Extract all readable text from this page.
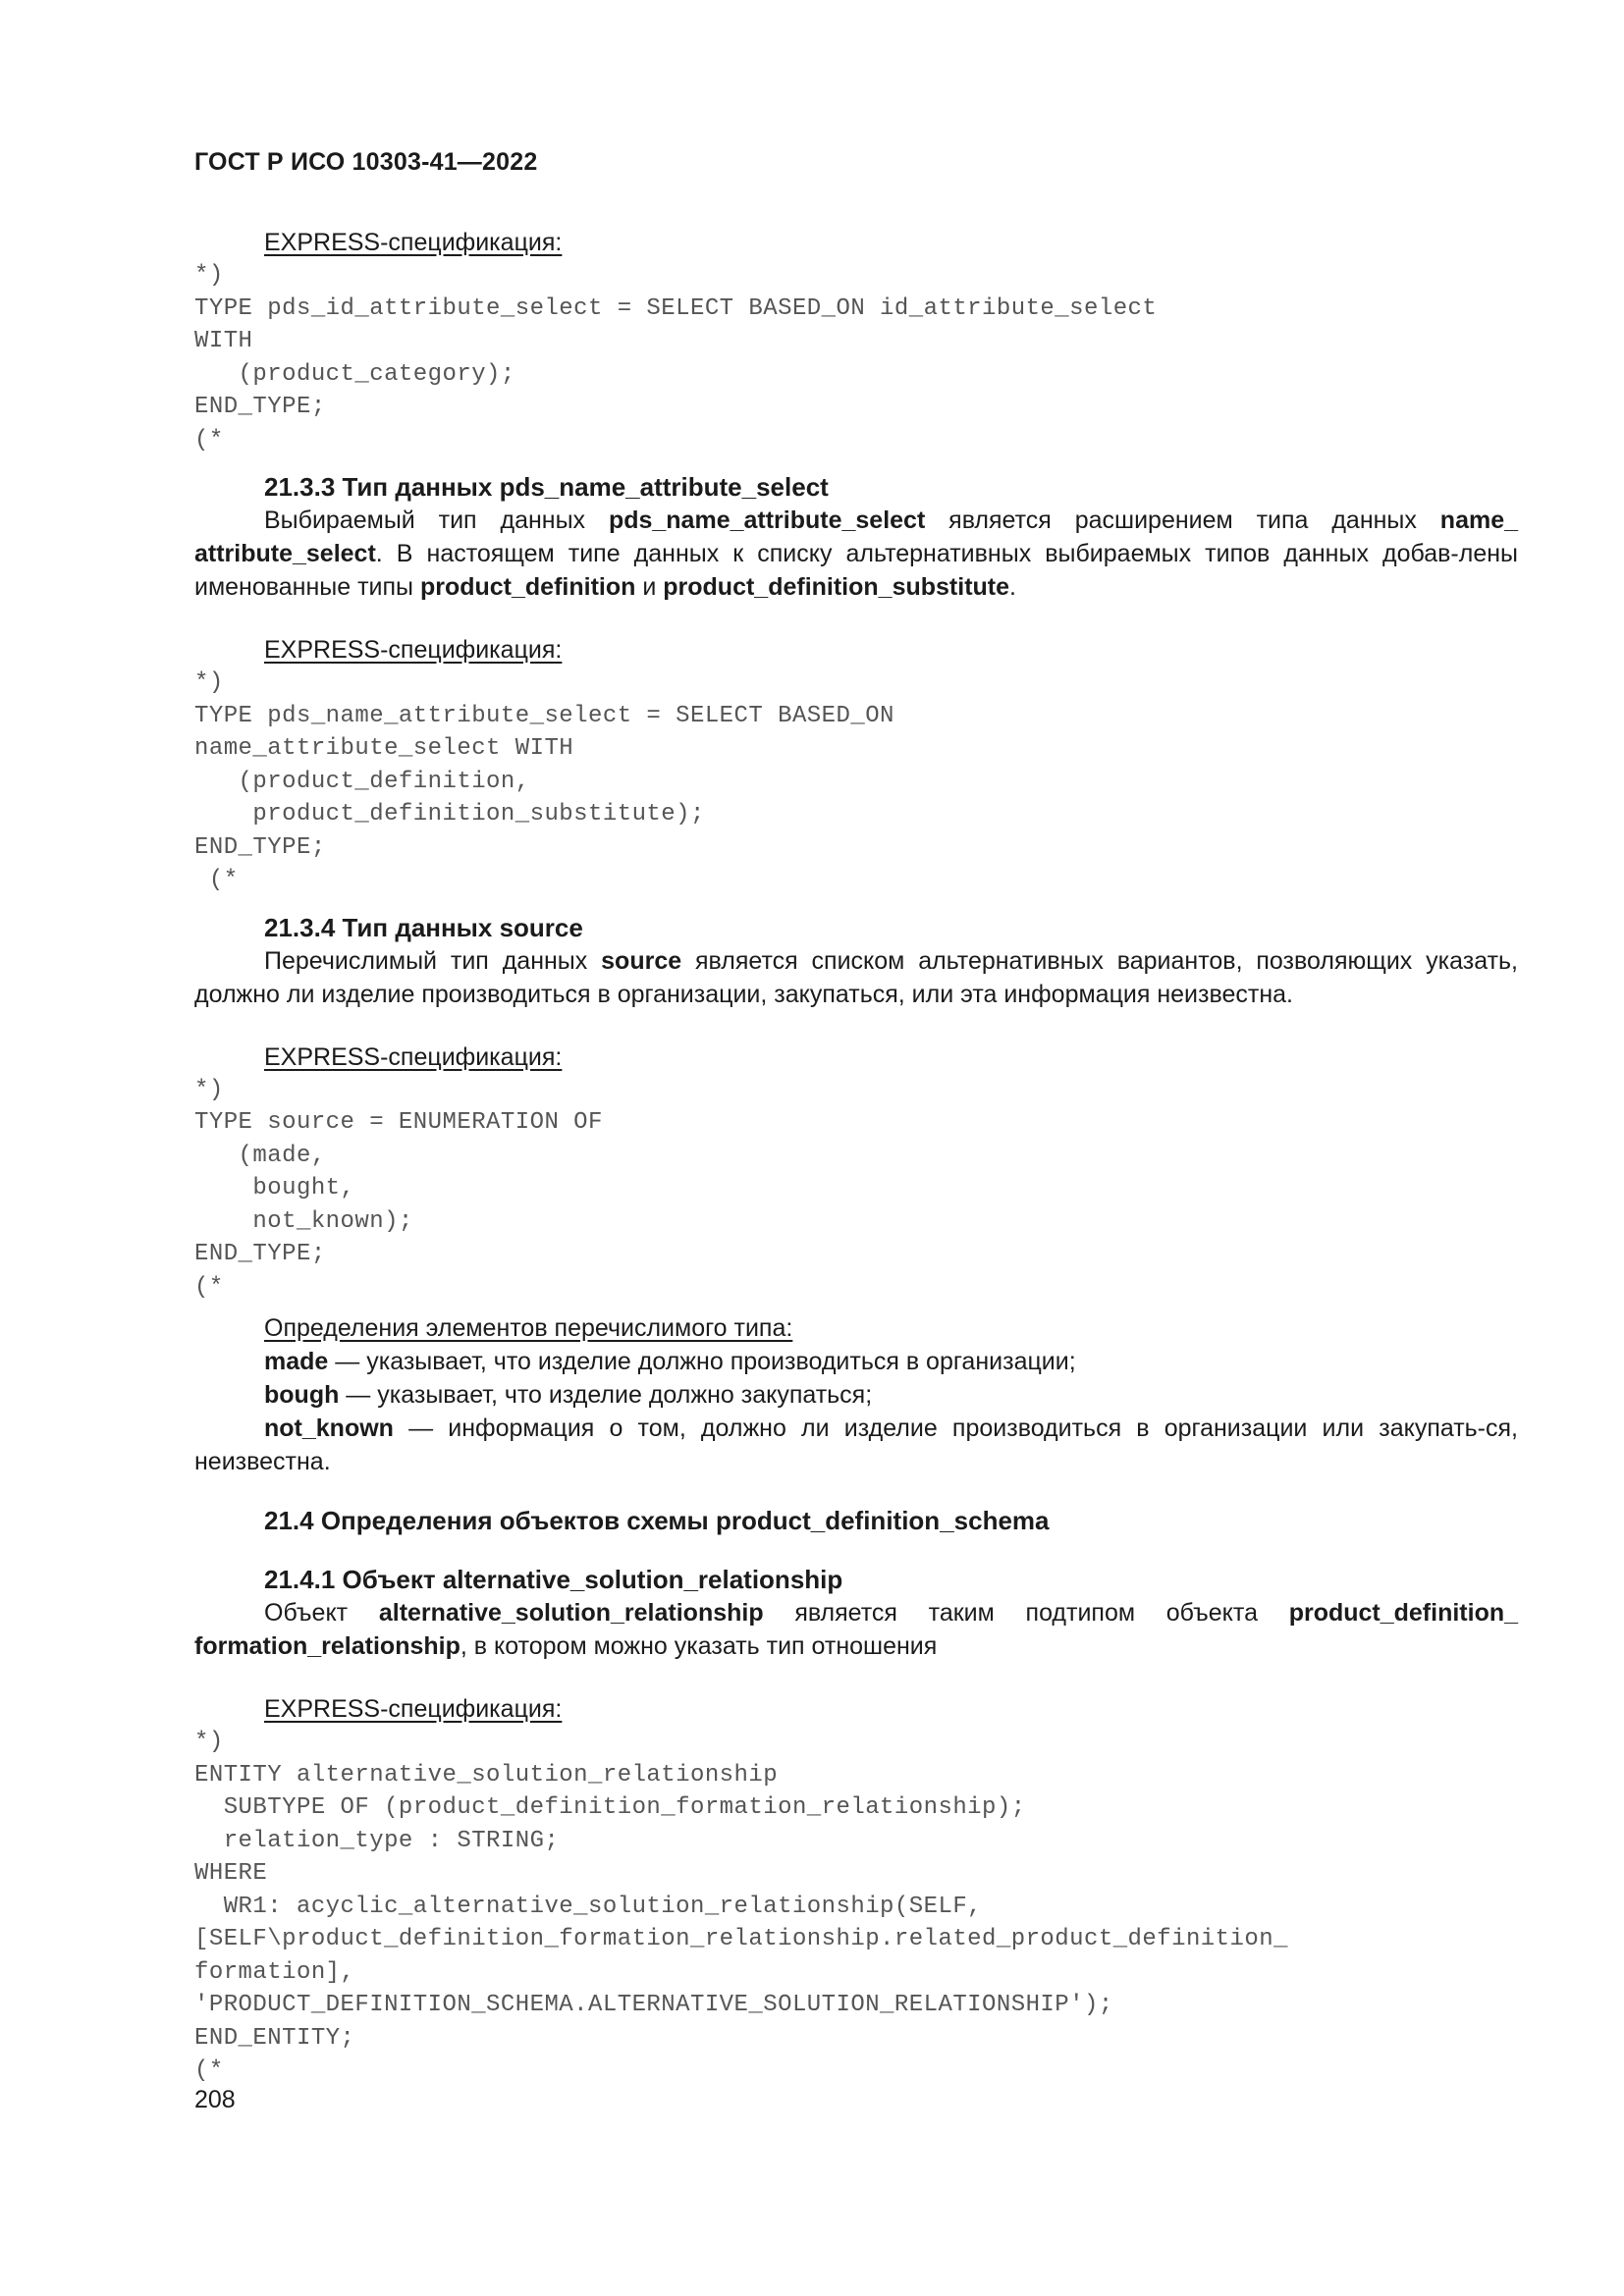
ГОСТ Р ИСО 10303-41—2022
EXPRESS-спецификация:
*)
TYPE pds_id_attribute_select = SELECT BASED_ON id_attribute_select
WITH
(product_category);
END_TYPE;
(*
21.3.3 Тип данных pds_name_attribute_select

Выбираемый тип данных pds_name_attribute_select является расширением типа данных name_ attribute_select. В настоящем типе данных к списку альтернативных выбираемых типов данных добав-лены именованные типы product_definition и product_definition_substitute.

EXPRESS-спецификация:
*)
TYPE pds_name_attribute_select = SELECT BASED_ON
name_attribute_select WITH
(product_definition,
product_definition_substitute);
END_TYPE;
(*
21.3.4 Тип данных source

Перечислимый тип данных source является списком альтернативных вариантов, позволяющих указать, должно ли изделие производиться в организации, закупаться, или эта информация неизвестна.

EXPRESS-спецификация:
*)
TYPE source = ENUMERATION OF
(made,
bought,
not_known);
END_TYPE;
(*
Определения элементов перечислимого типа:

made — указывает, что изделие должно производиться в организации;

bough — указывает, что изделие должно закупаться;

not_known — информация о том, должно ли изделие производиться в организации или закупать-ся, неизвестна.

21.4 Определения объектов схемы product_definition_schema
21.4.1 Объект alternative_solution_relationship

Объект alternative_solution_relationship является таким подтипом объекта product_definition_ formation_relationship, в котором можно указать тип отношения

EXPRESS-спецификация:
*)
ENTITY alternative_solution_relationship
SUBTYPE OF (product_definition_formation_relationship);
relation_type : STRING;
WHERE
WR1: acyclic_alternative_solution_relationship(SELF,
[SELF\product_definition_formation_relationship.related_product_definition_
formation],
'PRODUCT_DEFINITION_SCHEMA.ALTERNATIVE_SOLUTION_RELATIONSHIP');
END_ENTITY;
(*
208
